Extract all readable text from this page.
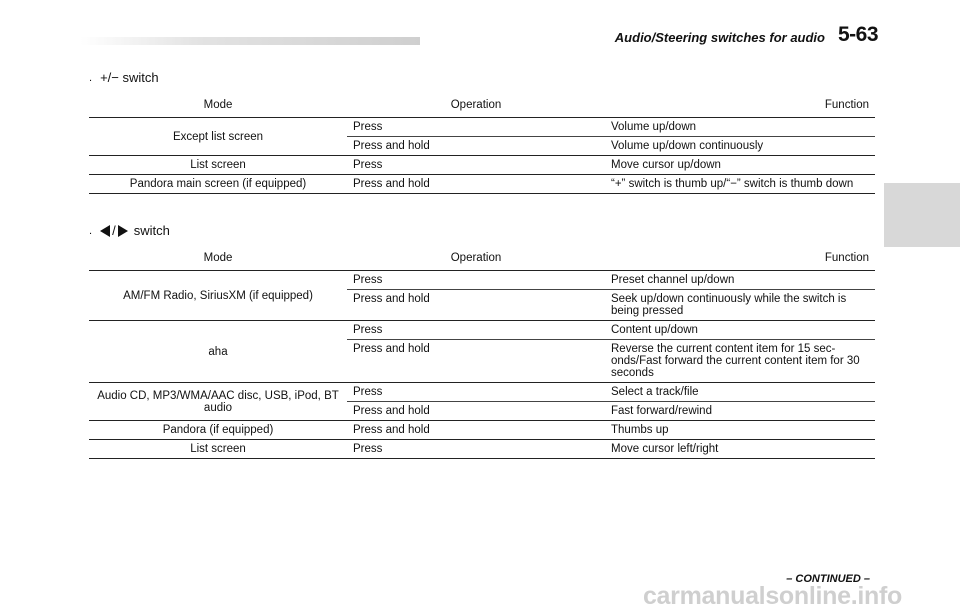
Audio/Steering switches for audio 5-63
. +/− switch
Mode	Operation	Function
Except list screen	Press	Volume up/down
	Press and hold	Volume up/down continuously
List screen	Press	Move cursor up/down
Pandora main screen (if equipped)	Press and hold	“+” switch is thumb up/“−” switch is thumb down
. / switch
Mode	Operation	Function
AM/FM Radio, SiriusXM (if equipped)	Press	Preset channel up/down
	Press and hold	Seek up/down continuously while the switch is being pressed
aha	Press	Content up/down
	Press and hold	Reverse the current content item for 15 sec-onds/Fast forward the current content item for 30 seconds
Audio CD, MP3/WMA/AAC disc, USB, iPod, BT audio	Press	Select a track/file
	Press and hold	Fast forward/rewind
Pandora (if equipped)	Press and hold	Thumbs up
List screen	Press	Move cursor left/right
– CONTINUED –
carmanualsonline.info
